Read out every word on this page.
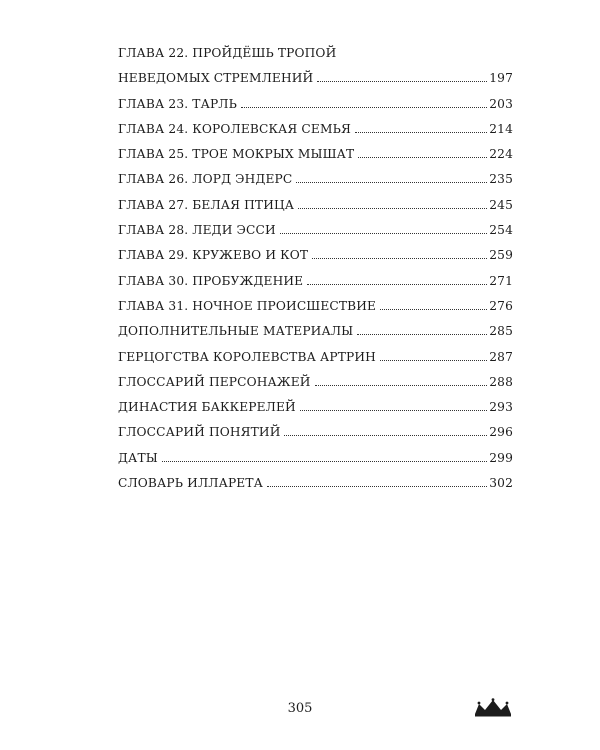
ГЛАВА 22. ПРОЙДЁШЬ ТРОПОЙ
НЕВЕДОМЫХ СТРЕМЛЕНИЙ	197
ГЛАВА 23. ТАРЛЬ	203
ГЛАВА 24. КОРОЛЕВСКАЯ СЕМЬЯ	214
ГЛАВА 25. ТРОЕ МОКРЫХ МЫШАТ	224
ГЛАВА 26. ЛОРД ЭНДЕРС	235
ГЛАВА 27. БЕЛАЯ ПТИЦА	245
ГЛАВА 28. ЛЕДИ ЭССИ	254
ГЛАВА 29. КРУЖЕВО И КОТ	259
ГЛАВА 30. ПРОБУЖДЕНИЕ	271
ГЛАВА 31. НОЧНОЕ ПРОИСШЕСТВИЕ	276
ДОПОЛНИТЕЛЬНЫЕ МАТЕРИАЛЫ	285
ГЕРЦОГСТВА КОРОЛЕВСТВА АРТРИН	287
ГЛОССАРИЙ ПЕРСОНАЖЕЙ	288
ДИНАСТИЯ БАККЕРЕЛЕЙ	293
ГЛОССАРИЙ ПОНЯТИЙ	296
ДАТЫ	299
СЛОВАРЬ ИЛЛАРЕТА	302
305
